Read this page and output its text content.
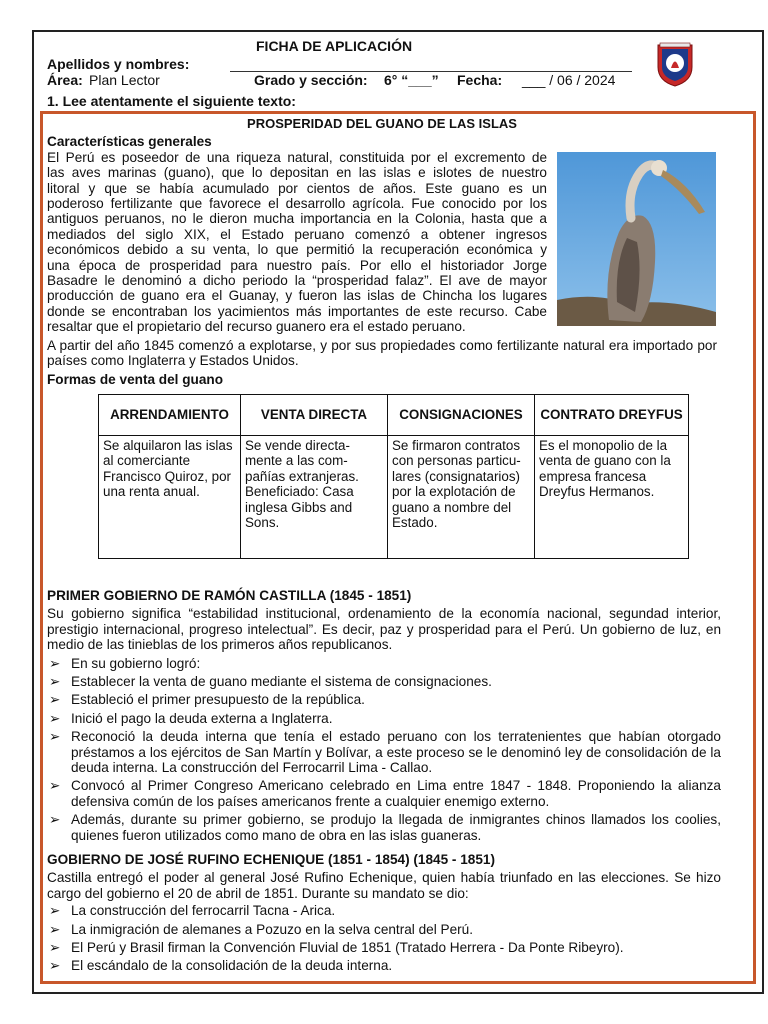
FICHA DE APLICACIÓN
Apellidos y nombres:
Área: Plan Lector	Grado y sección: 6° “___” Fecha: ___ / 06 / 2024
1. Lee atentamente el siguiente texto:
PROSPERIDAD DEL GUANO DE LAS ISLAS
Características generales
El Perú es poseedor de una riqueza natural, constituida por el excremento de
las aves marinas (guano), que lo depositan en las islas e islotes de nuestro
litoral y que se había acumulado por cientos de años. Este guano es un
poderoso fertilizante que favorece el desarrollo agrícola. Fue conocido por los
antiguos peruanos, no le dieron mucha importancia en la Colonia, hasta que a
mediados del siglo XIX, el Estado peruano comenzó a obtener ingresos
económicos debido a su venta, lo que permitió la recuperación económica y
una época de prosperidad para nuestro país. Por ello el historiador Jorge
Basadre le denominó a dicho periodo la “prosperidad falaz”. El ave de mayor
producción de guano era el Guanay, y fueron las islas de Chincha los lugares
donde se encontraban los yacimientos más importantes de este recurso. Cabe
resaltar que el propietario del recurso guanero era el estado peruano.
A partir del año 1845 comenzó a explotarse, y por sus propiedades como fertilizante natural era importado por países como Inglaterra y Estados Unidos.
Formas de venta del guano
ARRENDAMIENTO	VENTA DIRECTA	CONSIGNACIONES	CONTRATO DREYFUS
Se alquilaron las islas al comerciante Francisco Quiroz, por una renta anual.	Se vende directa-mente a las com-pañías extranjeras. Beneficiado: Casa inglesa Gibbs and Sons.	Se firmaron contratos con personas particu-lares (consignatarios) por la explotación de guano a nombre del Estado.	Es el monopolio de la venta de guano con la empresa francesa Dreyfus Hermanos.
PRIMER GOBIERNO DE RAMÓN CASTILLA (1845 - 1851)
Su gobierno significa “estabilidad institucional, ordenamiento de la economía nacional, segundad interior, prestigio internacional, progreso intelectual”. Es decir, paz y prosperidad para el Perú. Un gobierno de luz, en medio de las tinieblas de los primeros años republicanos.
➢ En su gobierno logró:
➢ Establecer la venta de guano mediante el sistema de consignaciones.
➢ Estableció el primer presupuesto de la república.
➢ Inició el pago la deuda externa a Inglaterra.
➢ Reconoció la deuda interna que tenía el estado peruano con los terratenientes que habían otorgado préstamos a los ejércitos de San Martín y Bolívar, a este proceso se le denominó ley de consolidación de la deuda interna. La construcción del Ferrocarril Lima - Callao.
➢ Convocó al Primer Congreso Americano celebrado en Lima entre 1847 - 1848. Proponiendo la alianza defensiva común de los países americanos frente a cualquier enemigo externo.
➢ Además, durante su primer gobierno, se produjo la llegada de inmigrantes chinos llamados los coolies, quienes fueron utilizados como mano de obra en las islas guaneras.
GOBIERNO DE JOSÉ RUFINO ECHENIQUE (1851 - 1854) (1845 - 1851)
Castilla entregó el poder al general José Rufino Echenique, quien había triunfado en las elecciones. Se hizo cargo del gobierno el 20 de abril de 1851. Durante su mandato se dio:
➢ La construcción del ferrocarril Tacna - Arica.
➢ La inmigración de alemanes a Pozuzo en la selva central del Perú.
➢ El Perú y Brasil firman la Convención Fluvial de 1851 (Tratado Herrera - Da Ponte Ribeyro).
➢ El escándalo de la consolidación de la deuda interna.
